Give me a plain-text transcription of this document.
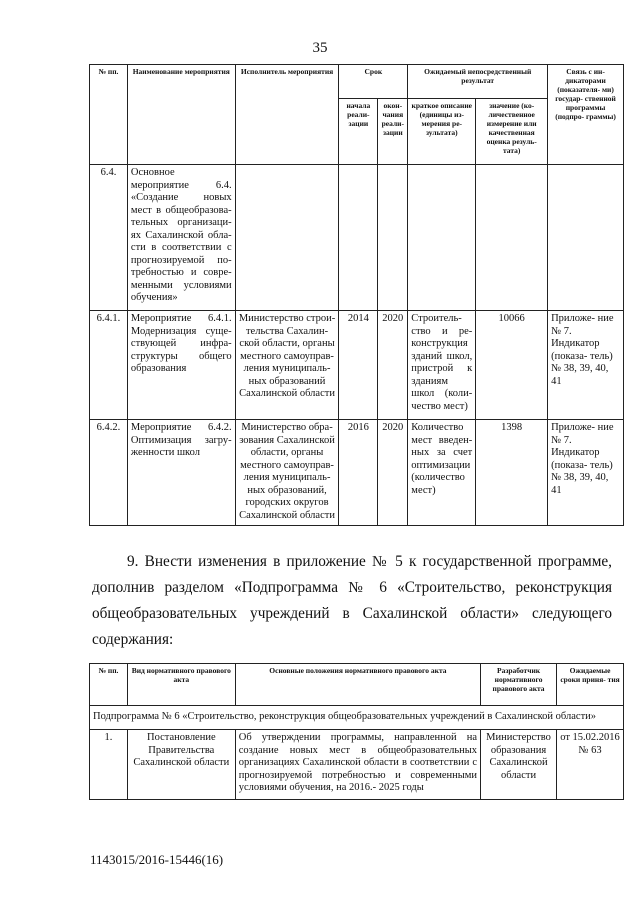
35
№ пп.	Наименование мероприятия	Исполнитель мероприятия	Срок		Ожидаемый непосредственный результат		Связь с ин- дикаторами (показателя- ми) государ- ственной программы (подпро- граммы)
			начала реали- зации	окон- чания реали- зации	краткое описание (единицы из- мерения ре- зультата)	значение (ко- личественное измерение или качественная оценка резуль- тата)	
6.4.	Основное мероприятие 6.4. «Создание новых мест в общеобразова- тельных организаци- ях Сахалинской обла- сти в соответствии с прогнозируемой по- требностью и совре- менными условиями обучения»						
6.4.1.	Мероприятие 6.4.1. Модернизация суще- ствующей инфра- структуры общего образования	Министерство строи- тельства Сахалин- ской области, органы местного самоуправ- ления муниципаль- ных образований Сахалинской области	2014	2020	Строитель- ство и ре- конструкция зданий школ, пристрой к зданиям школ (коли- чество мест)	10066	Приложе- ние № 7. Индикатор (показа- тель) № 38, 39, 40, 41
6.4.2.	Мероприятие 6.4.2. Оптимизация загру- женности школ	Министерство обра- зования Сахалинской области, органы местного самоуправ- ления муниципаль- ных образований, городских округов Сахалинской области	2016	2020	Количество мест введен- ных за счет оптимизации (количество мест)	1398	Приложе- ние № 7. Индикатор (показа- тель) № 38, 39, 40, 41

9. Внести изменения в приложение № 5 к государственной программе, дополнив разделом «Подпрограмма № 6 «Строительство, реконструкция общеобразовательных учреждений в Сахалинской области» следующего содержания:

№ пп.	Вид нормативного правового акта	Основные положения нормативного правового акта	Разработчик нормативного правового акта	Ожидаемые сроки приня- тия
Подпрограмма № 6 «Строительство, реконструкция общеобразовательных учреждений в Сахалинской области»				
1.	Постановление Правительства Сахалинской области	Об утверждении программы, направленной на создание новых мест в общеобразовательных организациях Сахалинской области в соответствии с прогнозируемой потребностью и современными условиями обучения, на 2016.- 2025 годы	Министерство образования Сахалинской области	от 15.02.2016 № 63
1143015/2016-15446(16)
